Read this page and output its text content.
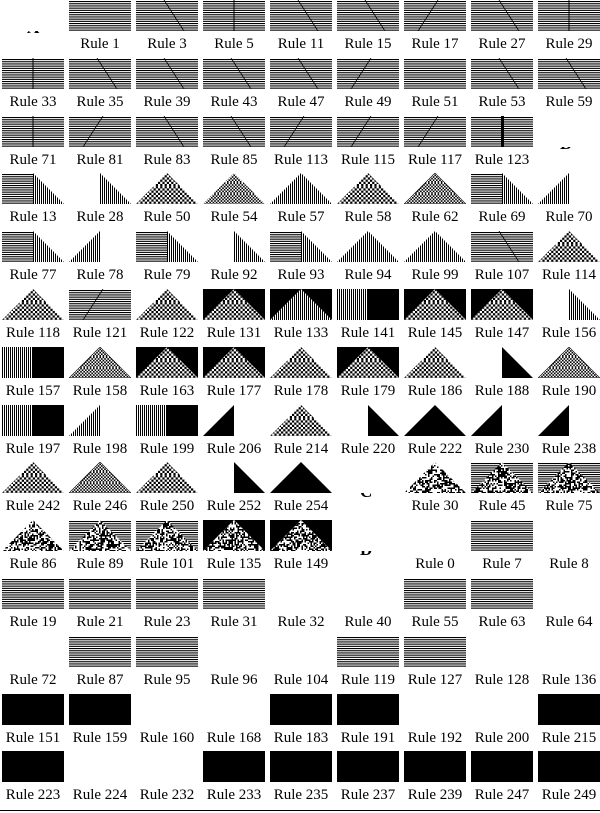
Rule 1	Rule 3	Rule 5	Rule 11	Rule 15	Rule 17	Rule 27	Rule 29
Rule 33	Rule 35	Rule 39	Rule 43	Rule 47	Rule 49	Rule 51	Rule 53	Rule 59
Rule 71	Rule 81	Rule 83	Rule 85	Rule 113 Rule 115 Rule 117 Rule 123
Rule 13	Rule 28	Rule 50	Rule 54	Rule 57	Rule 58	Rule 62	Rule 69	Rule 70
Rule 77	Rule 78	Rule 79	Rule 92	Rule 93	Rule 94	Rule 99	Rule 107 Rule 114
Rule 118 Rule 121 Rule 122 Rule 131 Rule 133 Rule 141 Rule 145 Rule 147 Rule 156
Rule 157 Rule 158 Rule 163 Rule 177 Rule 178 Rule 179 Rule 186 Rule 188 Rule 190
Rule 197 Rule 198 Rule 199 Rule 206 Rule 214 Rule 220 Rule 222 Rule 230 Rule 238
Rule 242 Rule 246 Rule 250 Rule 252 Rule 254	Rule 30	Rule 45	Rule 75
Rule 86	Rule 89	Rule 101 Rule 135 Rule 149	Rule 0	Rule 7	Rule 8
Rule 19	Rule 21	Rule 23	Rule 31	Rule 32	Rule 40	Rule 55	Rule 63	Rule 64
Rule 72	Rule 87	Rule 95	Rule 96	Rule 104 Rule 119 Rule 127 Rule 128 Rule 136
Rule 151 Rule 159 Rule 160 Rule 168 Rule 183 Rule 191 Rule 192 Rule 200 Rule 215
Rule 223 Rule 224 Rule 232 Rule 233 Rule 235 Rule 237 Rule 239 Rule 247 Rule 249
